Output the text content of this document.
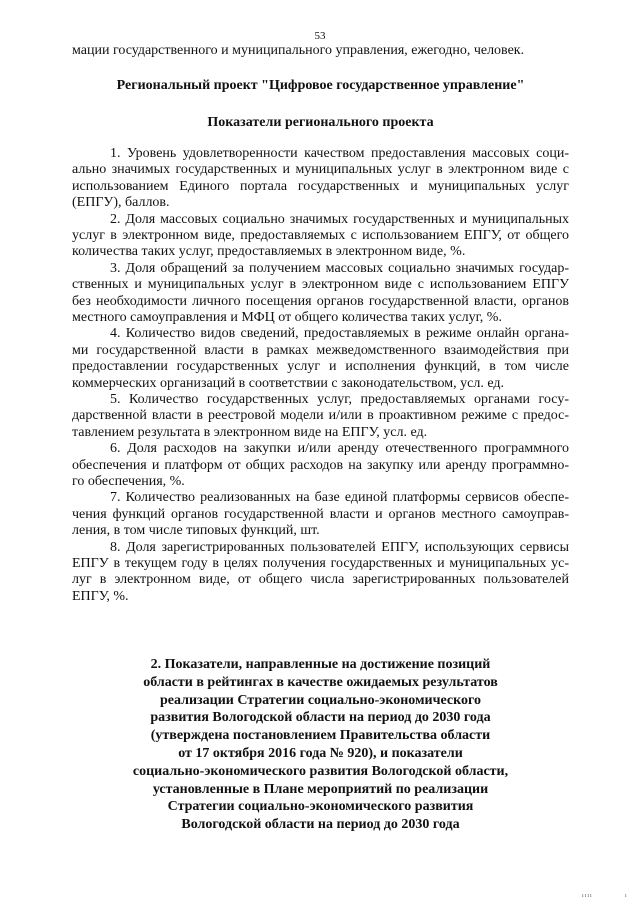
53
мации государственного и муниципального управления, ежегодно, человек.
Региональный проект "Цифровое государственное управление"
Показатели регионального проекта
1. Уровень удовлетворенности качеством предоставления массовых соци-
ально значимых государственных и муниципальных услуг в электронном виде с
использованием Единого портала государственных и муниципальных услуг
(ЕПГУ), баллов.
2. Доля массовых социально значимых государственных и муниципальных
услуг в электронном виде, предоставляемых с использованием ЕПГУ, от общего
количества таких услуг, предоставляемых в электронном виде, %.
3. Доля обращений за получением массовых социально значимых государ-
ственных и муниципальных услуг в электронном виде с использованием ЕПГУ
без необходимости личного посещения органов государственной власти, органов
местного самоуправления и МФЦ от общего количества таких услуг, %.
4. Количество видов сведений, предоставляемых в режиме онлайн органа-
ми государственной власти в рамках межведомственного взаимодействия при
предоставлении государственных услуг и исполнения функций, в том числе
коммерческих организаций в соответствии с законодательством, усл. ед.
5. Количество государственных услуг, предоставляемых органами госу-
дарственной власти в реестровой модели и/или в проактивном режиме с предос-
тавлением результата в электронном виде на ЕПГУ, усл. ед.
6. Доля расходов на закупки и/или аренду отечественного программного
обеспечения и платформ от общих расходов на закупку или аренду программно-
го обеспечения, %.
7. Количество реализованных на базе единой платформы сервисов обеспе-
чения функций органов государственной власти и органов местного самоуправ-
ления, в том числе типовых функций, шт.
8. Доля зарегистрированных пользователей ЕПГУ, использующих сервисы
ЕПГУ в текущем году в целях получения государственных и муниципальных ус-
луг в электронном виде, от общего числа зарегистрированных пользователей
ЕПГУ, %.
2. Показатели, направленные на достижение позиций
области в рейтингах в качестве ожидаемых результатов
реализации Стратегии социально-экономического
развития Вологодской области на период до 2030 года
(утверждена постановлением Правительства области
от 17 октября 2016 года № 920), и показатели
социально-экономического развития Вологодской области,
установленные в Плане мероприятий по реализации
Стратегии социально-экономического развития
Вологодской области на период до 2030 года
ıııı	ı
